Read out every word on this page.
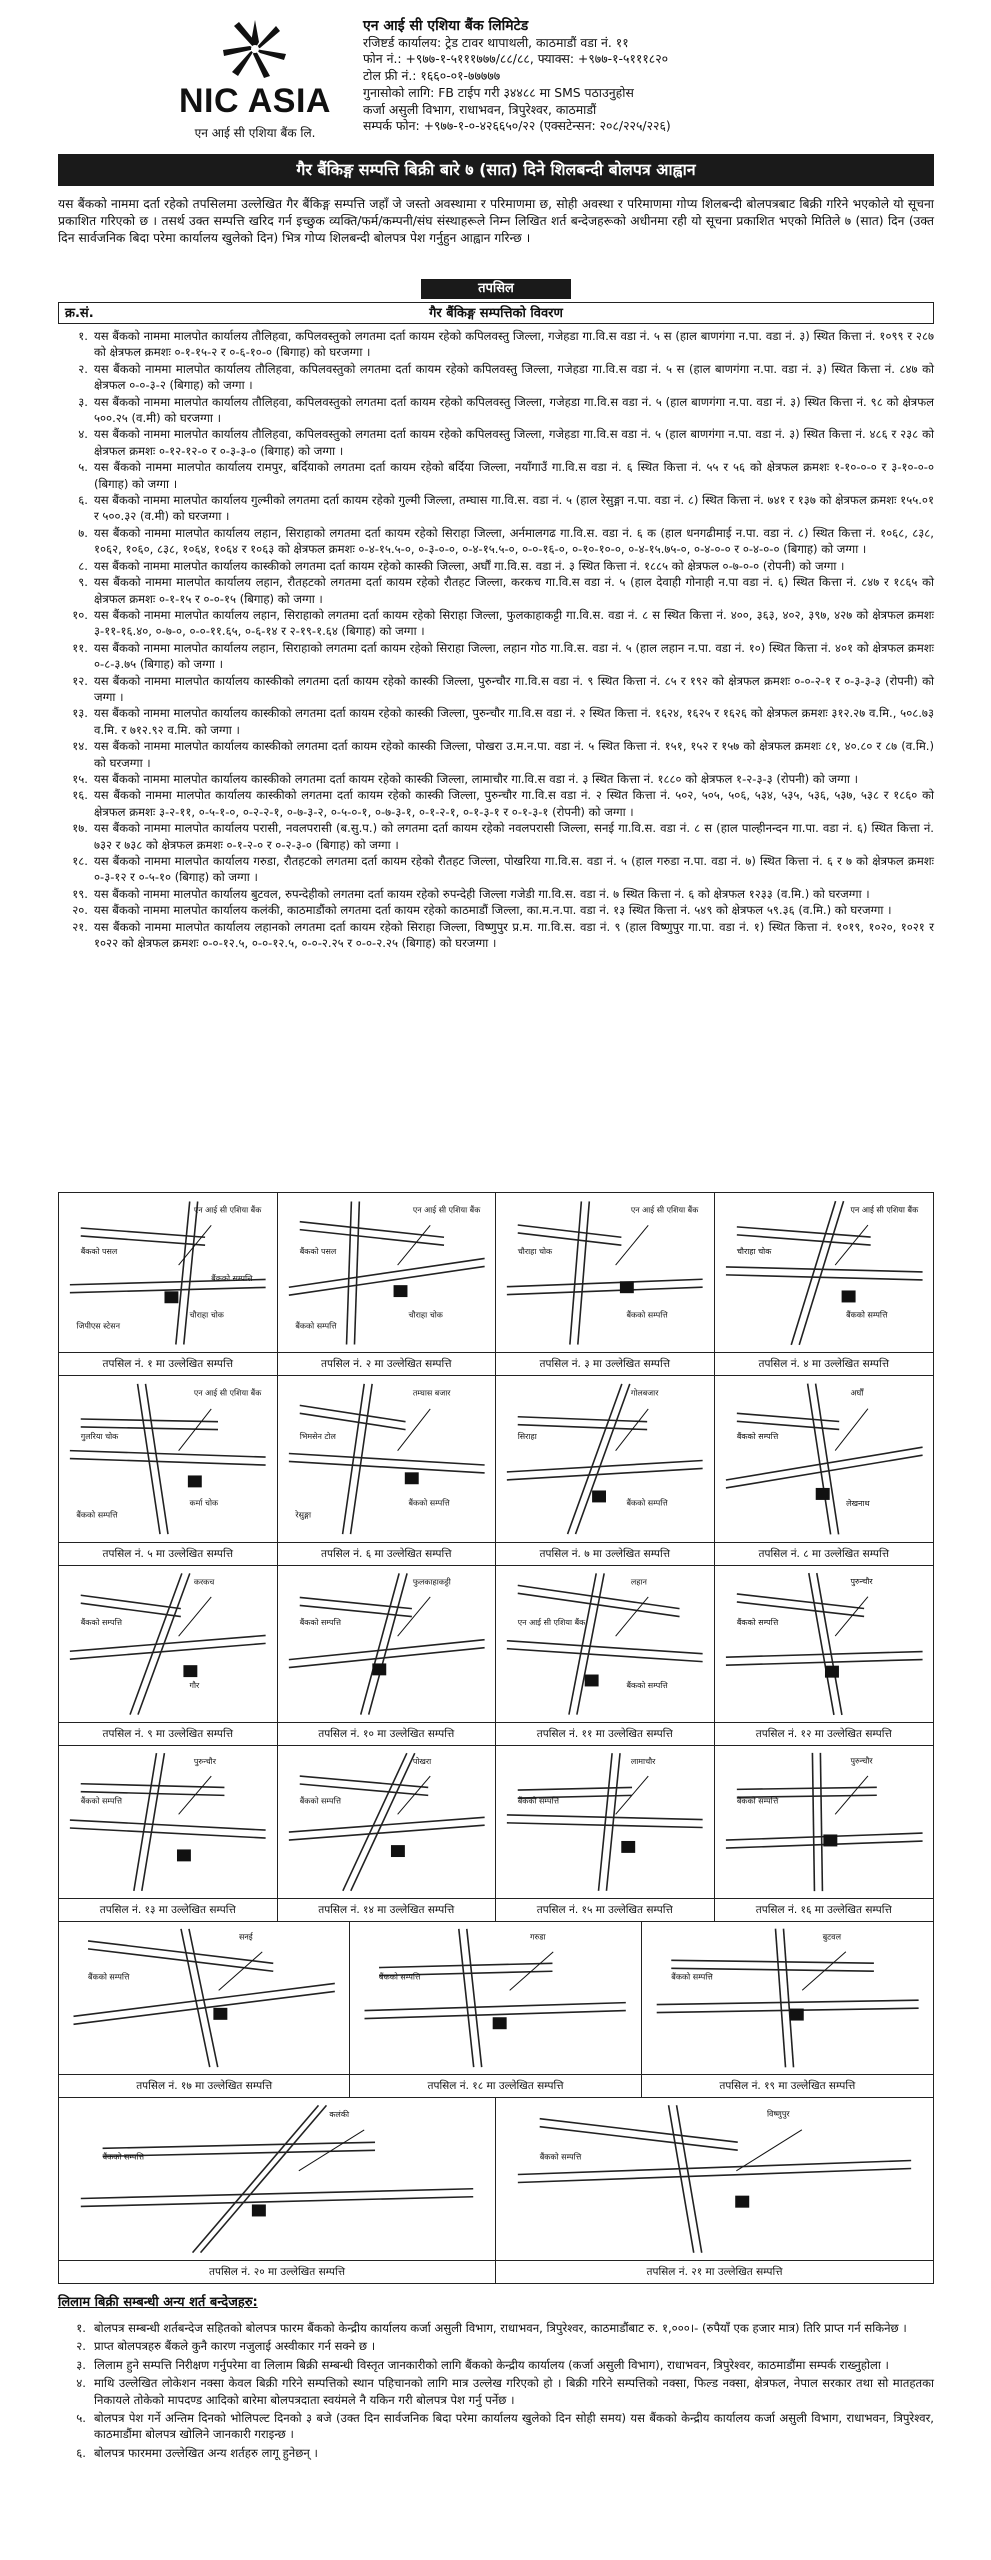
NIC ASIA
एन आई सी एशिया बैंक लि.
एन आई सी एशिया बैंक लिमिटेड
रजिष्टर्ड कार्यालय: ट्रेड टावर थापाथली, काठमाडौं वडा नं. ११
फोन नं.: +९७७-१-५१११७७७/८८/८८, फ्याक्स: +९७७-१-५१११८२०
टोल फ्री नं.: १६६०-०१-७७७७७
गुनासोको लागि: FB टाईप गरी ३४४८८ मा SMS पठाउनुहोस
कर्जा असुली विभाग, राधाभवन, त्रिपुरेश्वर, काठमाडौं
सम्पर्क फोन: +९७७-१-०-४२६६५०/२२ (एक्सटेन्सन: २०८/२२५/२२६)
गैर बैंकिङ्ग सम्पत्ति बिक्री बारे ७ (सात) दिने शिलबन्दी बोलपत्र आह्वान
यस बैंकको नाममा दर्ता रहेको तपसिलमा उल्लेखित गैर बैंकिङ्ग सम्पत्ति जहाँ जे जस्तो अवस्थामा र परिमाणमा छ, सोही अवस्था र परिमाणमा गोप्य शिलबन्दी बोलपत्रबाट बिक्री गरिने भएकोले यो सूचना प्रकाशित गरिएको छ । तसर्थ उक्त सम्पत्ति खरिद गर्न इच्छुक व्यक्ति/फर्म/कम्पनी/संघ संस्थाहरूले निम्न लिखित शर्त बन्देजहरूको अधीनमा रही यो सूचना प्रकाशित भएको मितिले ७ (सात) दिन (उक्त दिन सार्वजनिक बिदा परेमा कार्यालय खुलेको दिन) भित्र गोप्य शिलबन्दी बोलपत्र पेश गर्नुहुन आह्वान गरिन्छ ।
तपसिल
गैर बैंकिङ्ग सम्पत्तिको विवरण
क्र.सं.
१. यस बैंकको नाममा मालपोत कार्यालय तौलिहवा, कपिलवस्तुको लगतमा दर्ता कायम रहेको कपिलवस्तु जिल्ला, गजेहडा गा.वि.स वडा नं. ५ स (हाल बाणगंगा न.पा. वडा नं. ३) स्थित कित्ता नं. १०९९ र २८७ को क्षेत्रफल क्रमशः ०-१-१५-२ र ०-६-१०-० (बिगाह) को घरजग्गा ।
२. यस बैंकको नाममा मालपोत कार्यालय तौलिहवा, कपिलवस्तुको लगतमा दर्ता कायम रहेको कपिलवस्तु जिल्ला, गजेहडा गा.वि.स वडा नं. ५ स (हाल बाणगंगा न.पा. वडा नं. ३) स्थित कित्ता नं. ८४७ को क्षेत्रफल ०-०-३-२ (बिगाह) को जग्गा ।
३. यस बैंकको नाममा मालपोत कार्यालय तौलिहवा, कपिलवस्तुको लगतमा दर्ता कायम रहेको कपिलवस्तु जिल्ला, गजेहडा गा.वि.स वडा नं. ५ (हाल बाणगंगा न.पा. वडा नं. ३) स्थित कित्ता नं. ९८ को क्षेत्रफल ५००.२५ (व.मी) को घरजग्गा ।
४. यस बैंकको नाममा मालपोत कार्यालय तौलिहवा, कपिलवस्तुको लगतमा दर्ता कायम रहेको कपिलवस्तु जिल्ला, गजेहडा गा.वि.स वडा नं. ५ (हाल बाणगंगा न.पा. वडा नं. ३) स्थित कित्ता नं. ४८६ र २३८ को क्षेत्रफल क्रमशः ०-१२-१२-० र ०-३-३-० (बिगाह) को जग्गा ।
५. यस बैंकको नाममा मालपोत कार्यालय रामपुर, बर्दियाको लगतमा दर्ता कायम रहेको बर्दिया जिल्ला, नयाँगाउँ गा.वि.स वडा नं. ६ स्थित कित्ता नं. ५५ र ५६ को क्षेत्रफल क्रमशः १-१०-०-० र ३-१०-०-० (बिगाह) को जग्गा ।
६. यस बैंकको नाममा मालपोत कार्यालय गुल्मीको लगतमा दर्ता कायम रहेको गुल्मी जिल्ला, तम्घास गा.वि.स. वडा नं. ५ (हाल रेसुङ्गा न.पा. वडा नं. ८) स्थित कित्ता नं. ७४१ र १३७ को क्षेत्रफल क्रमशः १५५.०१ र ५००.३२ (व.मी) को घरजग्गा ।
७. यस बैंकको नाममा मालपोत कार्यालय लहान, सिराहाको लगतमा दर्ता कायम रहेको सिराहा जिल्ला, अर्नमालगढ गा.वि.स. वडा नं. ६ क (हाल धनगढीमाई न.पा. वडा नं. ८) स्थित कित्ता नं. १०६८, ८३८, १०६२, १०६०, ८३८, १०६४, १०६४ र १०६३ को क्षेत्रफल क्रमशः ०-४-१५.५-०, ०-३-०-०, ०-४-१५.५-०, ०-०-१६-०, ०-१०-१०-०, ०-४-१५.७५-०, ०-४-०-० र ०-४-०-० (बिगाह) को जग्गा ।
८. यस बैंकको नाममा मालपोत कार्यालय कास्कीको लगतमा दर्ता कायम रहेको कास्की जिल्ला, अर्घौं गा.वि.स. वडा नं. ३ स्थित कित्ता नं. १८८५ को क्षेत्रफल ०-७-०-० (रोपनी) को जग्गा ।
९. यस बैंकको नाममा मालपोत कार्यालय लहान, रौतहटको लगतमा दर्ता कायम रहेको रौतहट जिल्ला, करकच गा.वि.स वडा नं. ५ (हाल देवाही गोनाही न.पा वडा नं. ६) स्थित कित्ता नं. ८४७ र १८६५ को क्षेत्रफल क्रमशः ०-१-१५ र ०-०-१५ (बिगाह) को जग्गा ।
१०. यस बैंकको नाममा मालपोत कार्यालय लहान, सिराहाको लगतमा दर्ता कायम रहेको सिराहा जिल्ला, फुलकाहाकट्टी गा.वि.स. वडा नं. ८ स स्थित कित्ता नं. ४००, ३६३, ४०२, ३९७, ४२७ को क्षेत्रफल क्रमशः ३-११-१६.४०, ०-७-०, ०-०-११.६५, ०-६-१४ र २-१९-१.६४ (बिगाह) को जग्गा ।
११. यस बैंकको नाममा मालपोत कार्यालय लहान, सिराहाको लगतमा दर्ता कायम रहेको सिराहा जिल्ला, लहान गोठ गा.वि.स. वडा नं. ५ (हाल लहान न.पा. वडा नं. १०) स्थित कित्ता नं. ४०१ को क्षेत्रफल क्रमशः ०-८-३.७५ (बिगाह) को जग्गा ।
१२. यस बैंकको नाममा मालपोत कार्यालय कास्कीको लगतमा दर्ता कायम रहेको कास्की जिल्ला, पुरुन्चौर गा.वि.स वडा नं. ९ स्थित कित्ता नं. ८५ र १९२ को क्षेत्रफल क्रमशः ०-०-२-१ र ०-३-३-३ (रोपनी) को जग्गा ।
१३. यस बैंकको नाममा मालपोत कार्यालय कास्कीको लगतमा दर्ता कायम रहेको कास्की जिल्ला, पुरुन्चौर गा.वि.स वडा नं. २ स्थित कित्ता नं. १६२४, १६२५ र १६२६ को क्षेत्रफल क्रमशः ३१२.२७ व.मि., ५०८.७३ व.मि. र ७१२.९२ व.मि. को जग्गा ।
१४. यस बैंकको नाममा मालपोत कार्यालय कास्कीको लगतमा दर्ता कायम रहेको कास्की जिल्ला, पोखरा उ.म.न.पा. वडा नं. ५ स्थित कित्ता नं. १५१, १५२ र १५७ को क्षेत्रफल क्रमशः ८१, ४०.८० र ८७ (व.मि.) को घरजग्गा ।
१५. यस बैंकको नाममा मालपोत कार्यालय कास्कीको लगतमा दर्ता कायम रहेको कास्की जिल्ला, लामाचौर गा.वि.स वडा नं. ३ स्थित कित्ता नं. १८८० को क्षेत्रफल १-२-३-३ (रोपनी) को जग्गा ।
१६. यस बैंकको नाममा मालपोत कार्यालय कास्कीको लगतमा दर्ता कायम रहेको कास्की जिल्ला, पुरुन्चौर गा.वि.स वडा नं. २ स्थित कित्ता नं. ५०२, ५०५, ५०६, ५३४, ५३५, ५३६, ५३७, ५३८ र १८६० को क्षेत्रफल क्रमशः ३-२-११, ०-५-१-०, ०-२-२-१, ०-७-३-२, ०-५-०-१, ०-७-३-१, ०-१-२-१, ०-१-३-१ र ०-१-३-१ (रोपनी) को जग्गा ।
१७. यस बैंकको नाममा मालपोत कार्यालय परासी, नवलपरासी (ब.सु.प.) को लगतमा दर्ता कायम रहेको नवलपरासी जिल्ला, सनई गा.वि.स. वडा नं. ८ स (हाल पाल्हीनन्दन गा.पा. वडा नं. ६) स्थित कित्ता नं. ७३२ र ७३८ को क्षेत्रफल क्रमशः ०-१-२-० र ०-२-३-० (बिगाह) को जग्गा ।
१८. यस बैंकको नाममा मालपोत कार्यालय गरुडा, रौतहटको लगतमा दर्ता कायम रहेको रौतहट जिल्ला, पोखरिया गा.वि.स. वडा नं. ५ (हाल गरुडा न.पा. वडा नं. ७) स्थित कित्ता नं. ६ र ७ को क्षेत्रफल क्रमशः ०-३-१२ र ०-५-१० (बिगाह) को जग्गा ।
१९. यस बैंकको नाममा मालपोत कार्यालय बुटवल, रुपन्देहीको लगतमा दर्ता कायम रहेको रुपन्देही जिल्ला गजेडी गा.वि.स. वडा नं. ७ स्थित कित्ता नं. ६ को क्षेत्रफल १२३३ (व.मि.) को घरजग्गा ।
२०. यस बैंकको नाममा मालपोत कार्यालय कलंकी, काठमाडौंको लगतमा दर्ता कायम रहेको काठमाडौं जिल्ला, का.म.न.पा. वडा नं. १३ स्थित कित्ता नं. ५४९ को क्षेत्रफल ५९.३६ (व.मि.) को घरजग्गा ।
२१. यस बैंकको नाममा मालपोत कार्यालय लहानको लगतमा दर्ता कायम रहेको सिराहा जिल्ला, विष्णुपुर प्र.म. गा.वि.स. वडा नं. ९ (हाल विष्णुपुर गा.पा. वडा नं. १) स्थित कित्ता नं. १०१९, १०२०, १०२१ र १०२२ को क्षेत्रफल क्रमशः ०-०-१२.५, ०-०-१२.५, ०-०-२.२५ र ०-०-२.२५ (बिगाह) को घरजग्गा ।
एन आई सी एशिया बैंक
बैंकको पसल
चौराहा चोक
जिपीएस स्टेसन
बैंकको सम्पत्ति
तपसिल नं. १ मा उल्लेखित सम्पत्ति
एन आई सी एशिया बैंक
बैंकको पसल
चौराहा चोक
बैंकको सम्पत्ति
तपसिल नं. २ मा उल्लेखित सम्पत्ति
एन आई सी एशिया बैंक
चौराहा चोक
बैंकको सम्पत्ति
तपसिल नं. ३ मा उल्लेखित सम्पत्ति
एन आई सी एशिया बैंक
चौराहा चोक
बैंकको सम्पत्ति
तपसिल नं. ४ मा उल्लेखित सम्पत्ति
एन आई सी एशिया बैंक
गुलरिया चोक
कर्मा चोक
बैंकको सम्पत्ति
तपसिल नं. ५ मा उल्लेखित सम्पत्ति
तम्घास बजार
भिमसेन टोल
बैंकको सम्पत्ति
रेसुङ्गा
तपसिल नं. ६ मा उल्लेखित सम्पत्ति
गोलबजार
सिराहा
बैंकको सम्पत्ति
तपसिल नं. ७ मा उल्लेखित सम्पत्ति
अर्घौं
बैंकको सम्पत्ति
लेखनाथ
तपसिल नं. ८ मा उल्लेखित सम्पत्ति
करकच
बैंकको सम्पत्ति
गौर
तपसिल नं. ९ मा उल्लेखित सम्पत्ति
फुलकाहाकट्टी
बैंकको सम्पत्ति
तपसिल नं. १० मा उल्लेखित सम्पत्ति
लहान
एन आई सी एशिया बैंक
बैंकको सम्पत्ति
तपसिल नं. ११ मा उल्लेखित सम्पत्ति
पुरुन्चौर
बैंकको सम्पत्ति
तपसिल नं. १२ मा उल्लेखित सम्पत्ति
पुरुन्चौर
बैंकको सम्पत्ति
तपसिल नं. १३ मा उल्लेखित सम्पत्ति
पोखरा
बैंकको सम्पत्ति
तपसिल नं. १४ मा उल्लेखित सम्पत्ति
लामाचौर
बैंकको सम्पत्ति
तपसिल नं. १५ मा उल्लेखित सम्पत्ति
पुरुन्चौर
बैंकको सम्पत्ति
तपसिल नं. १६ मा उल्लेखित सम्पत्ति
सनई
बैंकको सम्पत्ति
तपसिल नं. १७ मा उल्लेखित सम्पत्ति
गरुडा
बैंकको सम्पत्ति
तपसिल नं. १८ मा उल्लेखित सम्पत्ति
बुटवल
बैंकको सम्पत्ति
तपसिल नं. १९ मा उल्लेखित सम्पत्ति
कलंकी
बैंकको सम्पत्ति
तपसिल नं. २० मा उल्लेखित सम्पत्ति
विष्णुपुर
बैंकको सम्पत्ति
तपसिल नं. २१ मा उल्लेखित सम्पत्ति
लिलाम बिक्री सम्बन्धी अन्य शर्त बन्देजहरु:
१. बोलपत्र सम्बन्धी शर्तबन्देज सहितको बोलपत्र फारम बैंकको केन्द्रीय कार्यालय कर्जा असुली विभाग, राधाभवन, त्रिपुरेश्वर, काठमाडौंबाट रु. १,०००।- (रुपैयाँ एक हजार मात्र) तिरि प्राप्त गर्न सकिनेछ ।
२. प्राप्त बोलपत्रहरु बैंकले कुनै कारण नजुलाई अस्वीकार गर्न सक्ने छ ।
३. लिलाम हुने सम्पत्ति निरीक्षण गर्नुपरेमा वा लिलाम बिक्री सम्बन्धी विस्तृत जानकारीको लागि बैंकको केन्द्रीय कार्यालय (कर्जा असुली विभाग), राधाभवन, त्रिपुरेश्वर, काठमाडौंमा सम्पर्क राख्नुहोला ।
४. माथि उल्लेखित लोकेशन नक्सा केवल बिक्री गरिने सम्पत्तिको स्थान पहिचानको लागि मात्र उल्लेख गरिएको हो । बिक्री गरिने सम्पत्तिको नक्सा, फिल्ड नक्सा, क्षेत्रफल, नेपाल सरकार तथा सो मातहतका निकायले तोकेको मापदण्ड आदिको बारेमा बोलपत्रदाता स्वयंमले नै यकिन गरी बोलपत्र पेश गर्नु पर्नेछ ।
५. बोलपत्र पेश गर्ने अन्तिम दिनको भोलिपल्ट दिनको ३ बजे (उक्त दिन सार्वजनिक बिदा परेमा कार्यालय खुलेको दिन सोही समय) यस बैंकको केन्द्रीय कार्यालय कर्जा असुली विभाग, राधाभवन, त्रिपुरेश्वर, काठमाडौंमा बोलपत्र खोलिने जानकारी गराइन्छ ।
६. बोलपत्र फारममा उल्लेखित अन्य शर्तहरु लागू हुनेछन् ।
